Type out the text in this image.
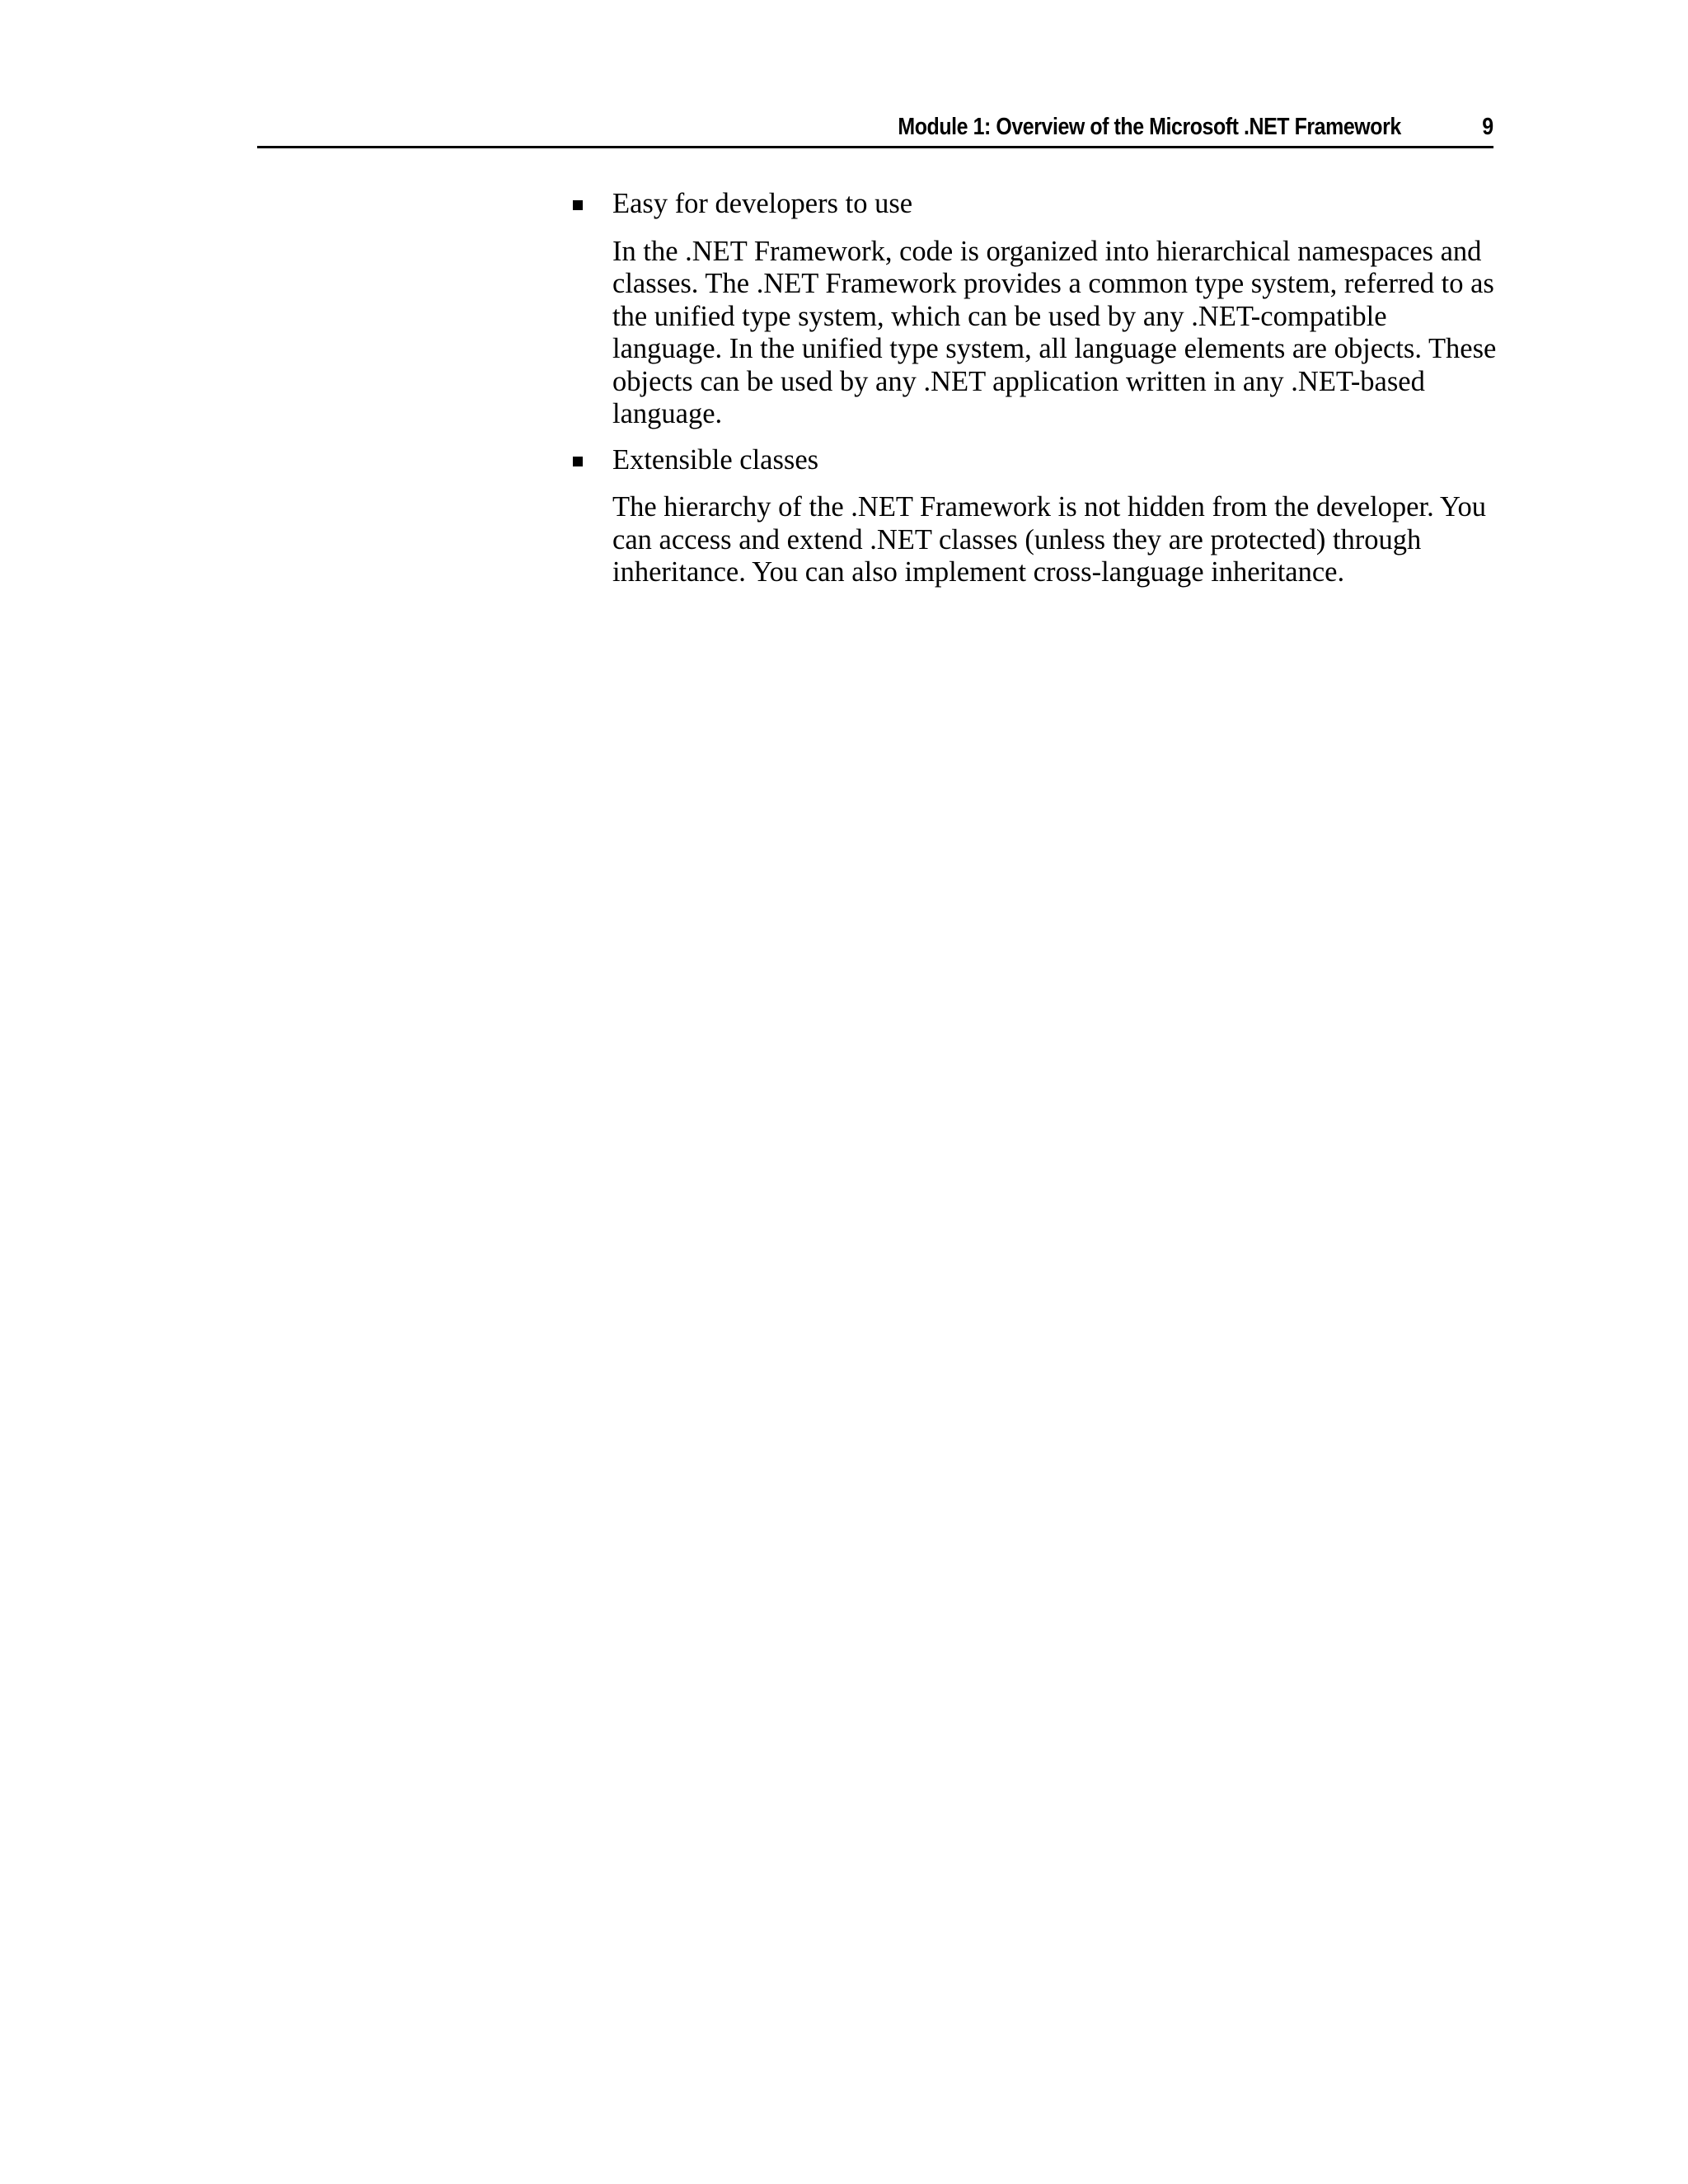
Module 1: Overview of the Microsoft .NET Framework	9
Easy for developers to use

In the .NET Framework, code is organized into hierarchical namespaces and classes. The .NET Framework provides a common type system, referred to as the unified type system, which can be used by any .NET-compatible language. In the unified type system, all language elements are objects. These objects can be used by any .NET application written in any .NET-based language.

Extensible classes

The hierarchy of the .NET Framework is not hidden from the developer. You can access and extend .NET classes (unless they are protected) through inheritance. You can also implement cross-language inheritance.
